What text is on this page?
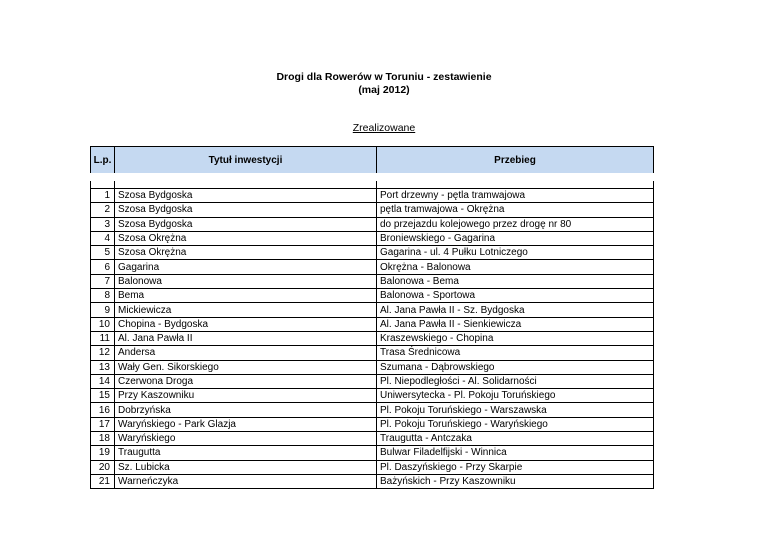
Drogi dla Rowerów w Toruniu - zestawienie
(maj 2012)
Zrealizowane
L.p.	Tytuł inwestycji	Przebieg

1	Szosa Bydgoska	Port drzewny - pętla tramwajowa
2	Szosa Bydgoska	pętla tramwajowa - Okrężna
3	Szosa Bydgoska	do przejazdu kolejowego przez drogę nr 80
4	Szosa Okrężna	Broniewskiego - Gagarina
5	Szosa Okrężna	Gagarina - ul. 4 Pułku Lotniczego
6	Gagarina	Okrężna - Balonowa
7	Balonowa	Balonowa - Bema
8	Bema	Balonowa - Sportowa
9	Mickiewicza	Al. Jana Pawła II - Sz. Bydgoska
10	Chopina - Bydgoska	Al. Jana Pawła II - Sienkiewicza
11	Al. Jana Pawła II	Kraszewskiego - Chopina
12	Andersa	Trasa Średnicowa
13	Wały Gen. Sikorskiego	Szumana - Dąbrowskiego
14	Czerwona Droga	Pl. Niepodległości - Al. Solidarności
15	Przy Kaszowniku	Uniwersytecka - Pl. Pokoju Toruńskiego
16	Dobrzyńska	Pl. Pokoju Toruńskiego - Warszawska
17	Waryńskiego - Park Glazja	Pl. Pokoju Toruńskiego - Waryńskiego
18	Waryńskiego	Traugutta - Antczaka
19	Traugutta	Bulwar Filadelfijski - Winnica
20	Sz. Lubicka	Pl. Daszyńskiego - Przy Skarpie
21	Warneńczyka	Bażyńskich - Przy Kaszowniku
